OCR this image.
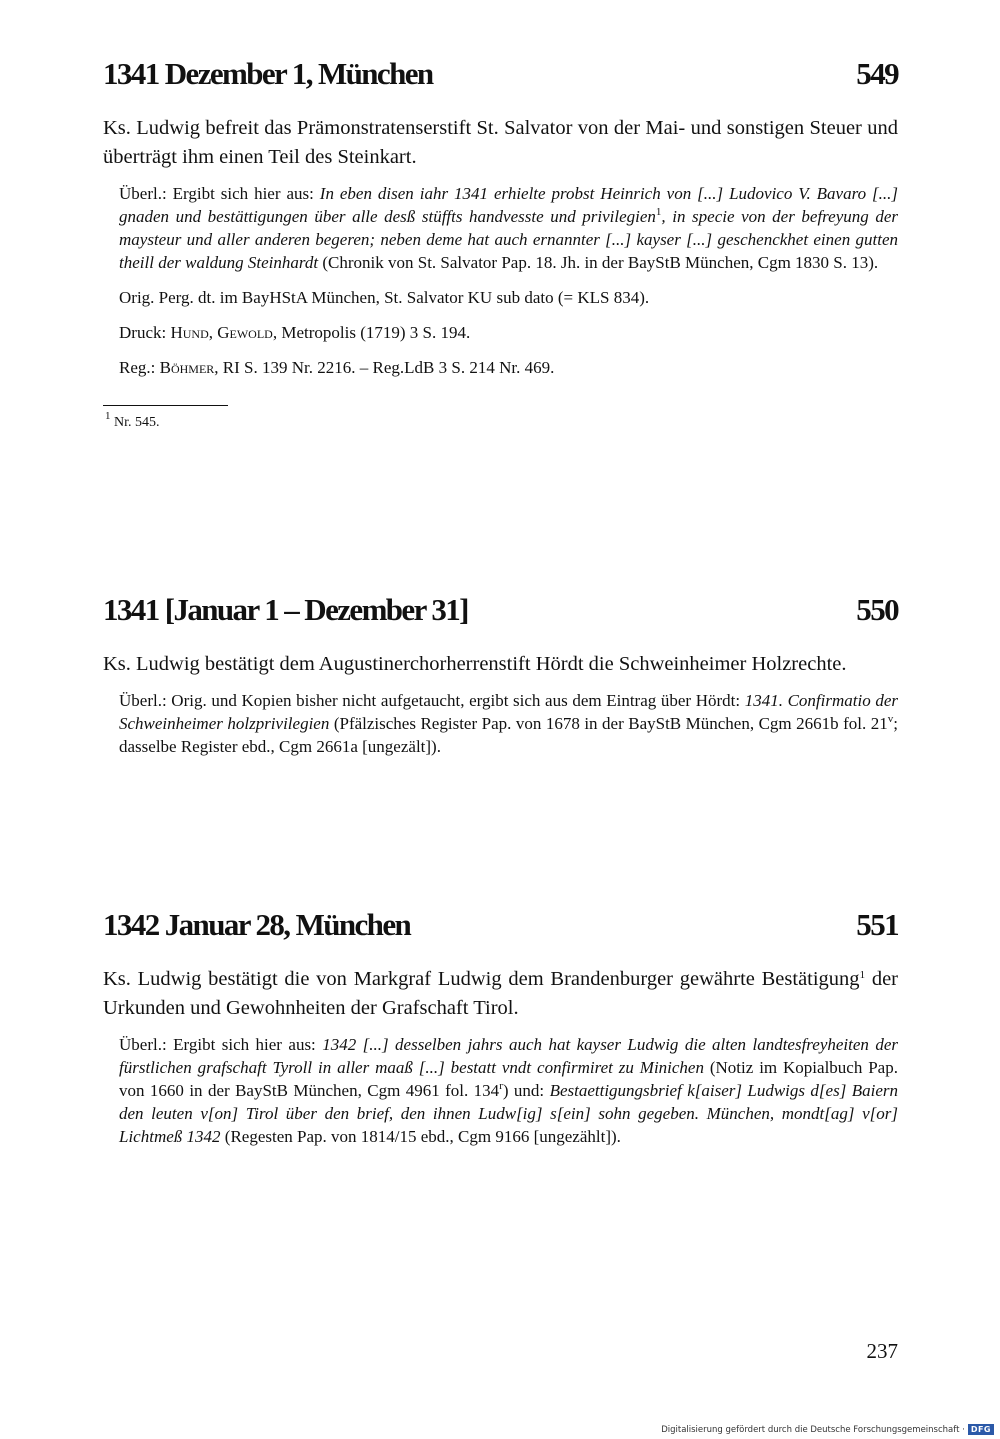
1341 Dezember 1, München	549

Ks. Ludwig befreit das Prämonstratenserstift St. Salvator von der Mai- und sonstigen Steuer und überträgt ihm einen Teil des Steinkart.

Überl.: Ergibt sich hier aus: In eben disen iahr 1341 erhielte probst Heinrich von [...] Ludovico V. Bavaro [...] gnaden und bestättigungen über alle desß stüffts handvesste und privilegien$^1$, in specie von der befreyung der maysteur und aller anderen begeren; neben deme hat auch ernannter [...] kayser [...] geschenckhet einen gutten theill der waldung Steinhardt (Chronik von St. Salvator Pap. 18. Jh. in der BayStB München, Cgm 1830 S. 13).

Orig. Perg. dt. im BayHStA München, St. Salvator KU sub dato (= KLS 834).

Druck: Hund, Gewold, Metropolis (1719) 3 S. 194.

Reg.: Böhmer, RI S. 139 Nr. 2216. – Reg.LdB 3 S. 214 Nr. 469.

$^1$ Nr. 545.
1341 [Januar 1 – Dezember 31]	550

Ks. Ludwig bestätigt dem Augustinerchorherrenstift Hördt die Schweinheimer Holzrechte.

Überl.: Orig. und Kopien bisher nicht aufgetaucht, ergibt sich aus dem Eintrag über Hördt: 1341. Confirmatio der Schweinheimer holzprivilegien (Pfälzisches Register Pap. von 1678 in der BayStB München, Cgm 2661b fol. 21$^v$; dasselbe Register ebd., Cgm 2661a [ungezält]).

1342 Januar 28, München	551

Ks. Ludwig bestätigt die von Markgraf Ludwig dem Brandenburger gewährte Bestätigung$^1$ der Urkunden und Gewohnheiten der Grafschaft Tirol.

Überl.: Ergibt sich hier aus: 1342 [...] desselben jahrs auch hat kayser Ludwig die alten landtesfreyheiten der fürstlichen grafschaft Tyroll in aller maaß [...] bestatt vndt confirmiret zu Minichen (Notiz im Kopialbuch Pap. von 1660 in der BayStB München, Cgm 4961 fol. 134$^r$) und: Bestaettigungsbrief k[aiser] Ludwigs d[es] Baiern den leuten v[on] Tirol über den brief, den ihnen Ludw[ig] s[ein] sohn gegeben. München, mondt[ag] v[or] Lichtmeß 1342 (Regesten Pap. von 1814/15 ebd., Cgm 9166 [ungezählt]).

237
Digitalisierung gefördert durch die Deutsche Forschungsgemeinschaft · DFG
